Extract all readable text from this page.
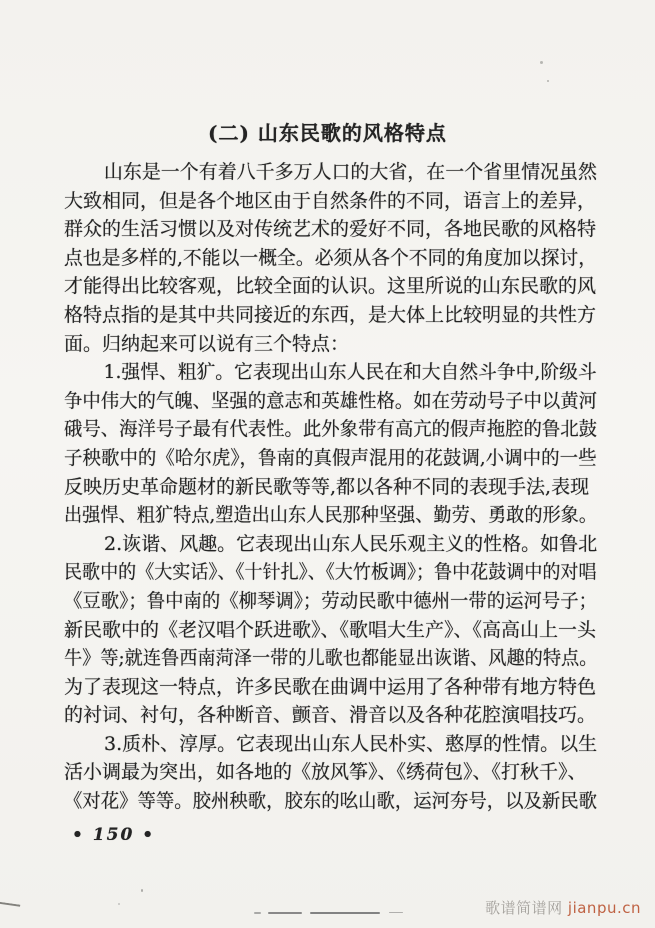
(二) 山东民歌的风格特点
山东是一个有着八千多万人口的大省，在一个省里情况虽然
大致相同，但是各个地区由于自然条件的不同，语言上的差异，
群众的生活习惯以及对传统艺术的爱好不同，各地民歌的风格特
点也是多样的,不能以一概全。必须从各个不同的角度加以探讨，
才能得出比较客观，比较全面的认识。这里所说的山东民歌的风
格特点指的是其中共同接近的东西，是大体上比较明显的共性方
面。归纳起来可以说有三个特点：
1.强悍、粗犷。它表现出山东人民在和大自然斗争中,阶级斗
争中伟大的气魄、坚强的意志和英雄性格。如在劳动号子中以黄河
硪号、海洋号子最有代表性。此外象带有高亢的假声拖腔的鲁北鼓
子秧歌中的《哈尔虎》，鲁南的真假声混用的花鼓调,小调中的一些
反映历史革命题材的新民歌等等,都以各种不同的表现手法,表现
出强悍、粗犷特点,塑造出山东人民那种坚强、勤劳、勇敢的形象。
2.诙谐、风趣。它表现出山东人民乐观主义的性格。如鲁北
民歌中的《大实话》、《十针扎》、《大竹板调》；鲁中花鼓调中的对唱
《豆歌》；鲁中南的《柳琴调》；劳动民歌中德州一带的运河号子；
新民歌中的《老汉唱个跃进歌》、《歌唱大生产》、《高高山上一头
牛》等;就连鲁西南菏泽一带的儿歌也都能显出诙谐、风趣的特点。
为了表现这一特点，许多民歌在曲调中运用了各种带有地方特色
的衬词、衬句，各种断音、颤音、滑音以及各种花腔演唱技巧。
3.质朴、淳厚。它表现出山东人民朴实、憨厚的性情。以生
活小调最为突出，如各地的《放风筝》、《绣荷包》、《打秋千》、
《对花》等等。胶州秧歌，胶东的吆山歌，运河夯号，以及新民歌
• 150 •
歌谱简谱网 jianpu.cn
